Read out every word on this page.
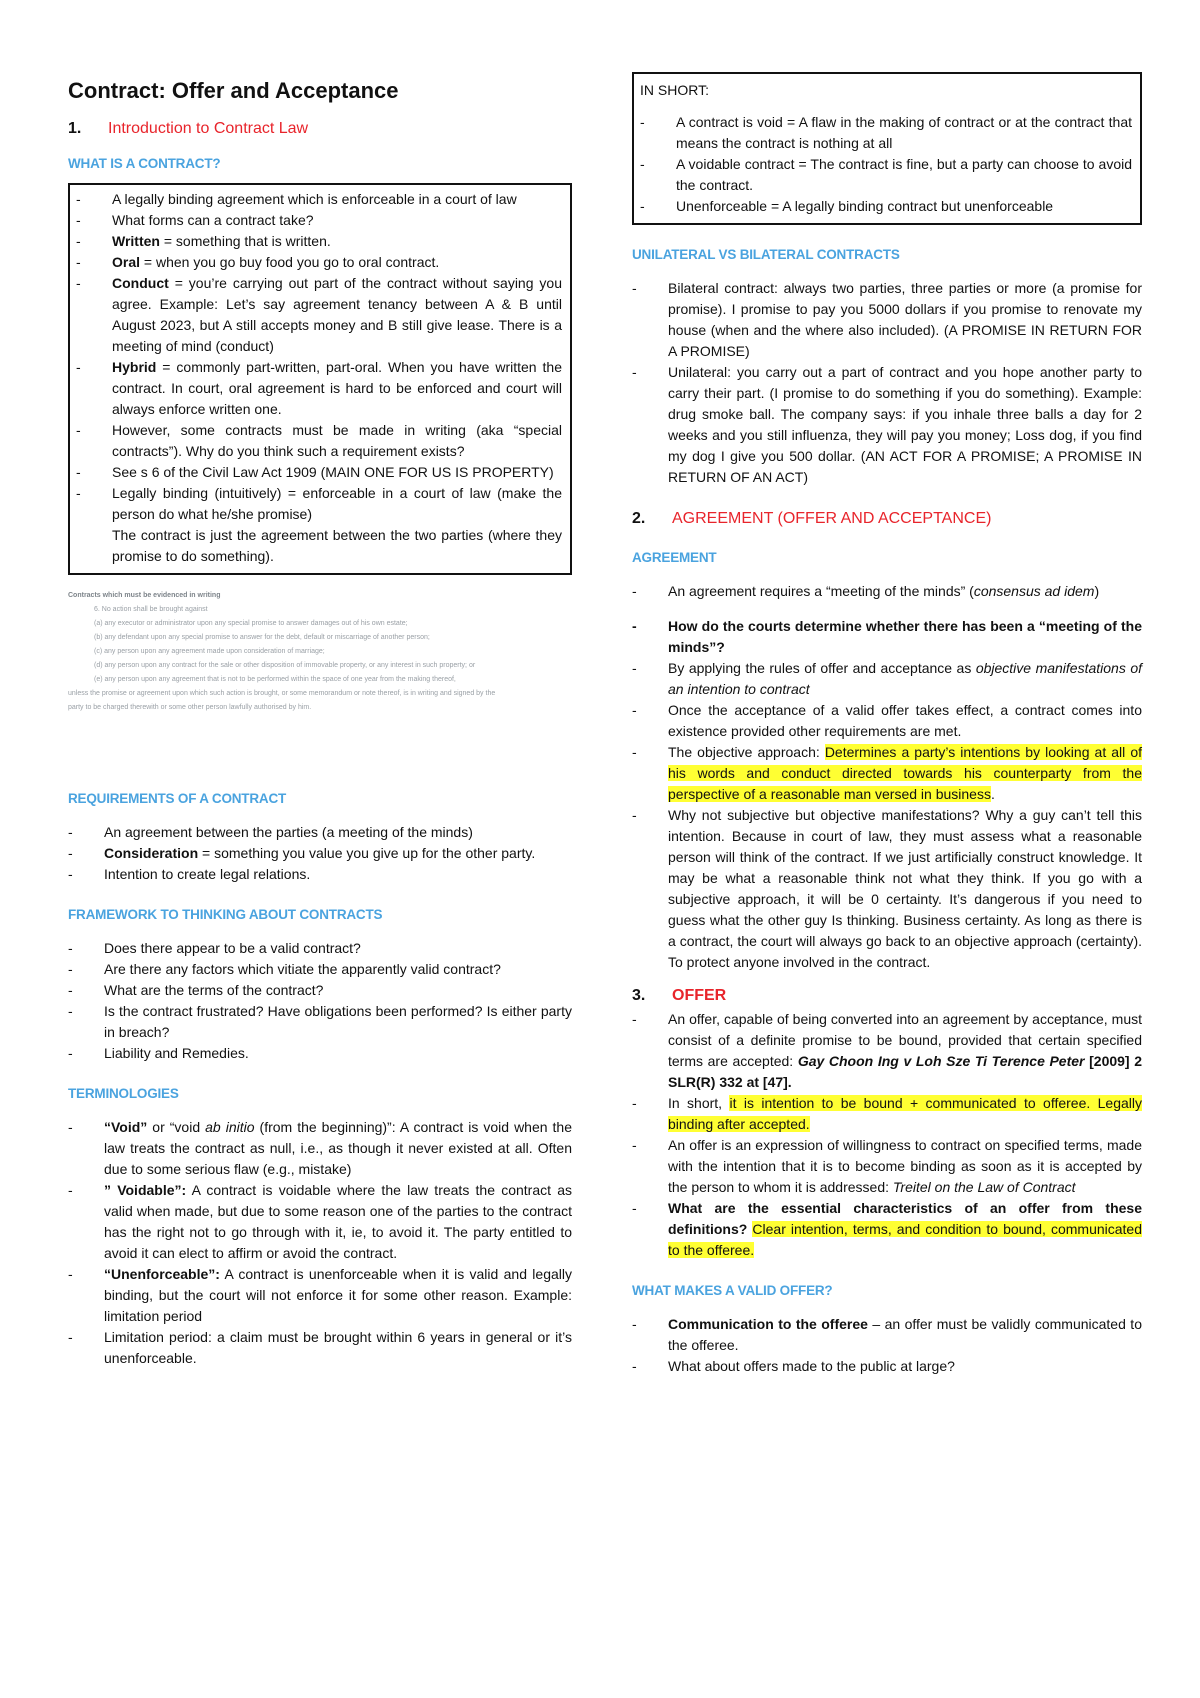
Contract: Offer and Acceptance
1.	Introduction to Contract Law
WHAT IS A CONTRACT?
- A legally binding agreement which is enforceable in a court of law
- What forms can a contract take?
- Written = something that is written.
- Oral = when you go buy food you go to oral contract.
- Conduct = you’re carrying out part of the contract without saying you agree. Example: Let’s say agreement tenancy between A & B until August 2023, but A still accepts money and B still give lease. There is a meeting of mind (conduct)
- Hybrid = commonly part-written, part-oral. When you have written the contract. In court, oral agreement is hard to be enforced and court will always enforce written one.
- However, some contracts must be made in writing (aka “special contracts”). Why do you think such a requirement exists?
- See s 6 of the Civil Law Act 1909 (MAIN ONE FOR US IS PROPERTY)
- Legally binding (intuitively) = enforceable in a court of law (make the person do what he/she promise)
The contract is just the agreement between the two parties (where they promise to do something).
Contracts which must be evidenced in writing
6. No action shall be brought against
(a) any executor or administrator upon any special promise to answer damages out of his own estate;
(b) any defendant upon any special promise to answer for the debt, default or miscarriage of another person;
(c) any person upon any agreement made upon consideration of marriage;
(d) any person upon any contract for the sale or other disposition of immovable property, or any interest in such property; or
(e) any person upon any agreement that is not to be performed within the space of one year from the making thereof,
unless the promise or agreement upon which such action is brought, or some memorandum or note thereof, is in writing and signed by the party to be charged therewith or some other person lawfully authorised by him.
REQUIREMENTS OF A CONTRACT
- An agreement between the parties (a meeting of the minds)
- Consideration = something you value you give up for the other party.
- Intention to create legal relations.
FRAMEWORK TO THINKING ABOUT CONTRACTS
- Does there appear to be a valid contract?
- Are there any factors which vitiate the apparently valid contract?
- What are the terms of the contract?
- Is the contract frustrated? Have obligations been performed? Is either party in breach?
- Liability and Remedies.
TERMINOLOGIES
- “Void” or “void ab initio (from the beginning)”: A contract is void when the law treats the contract as null, i.e., as though it never existed at all. Often due to some serious flaw (e.g., mistake)
- ” Voidable”: A contract is voidable where the law treats the contract as valid when made, but due to some reason one of the parties to the contract has the right not to go through with it, ie, to avoid it. The party entitled to avoid it can elect to affirm or avoid the contract.
- “Unenforceable”: A contract is unenforceable when it is valid and legally binding, but the court will not enforce it for some other reason. Example: limitation period
- Limitation period: a claim must be brought within 6 years in general or it’s unenforceable.
IN SHORT:
- A contract is void = A flaw in the making of contract or at the contract that means the contract is nothing at all
- A voidable contract = The contract is fine, but a party can choose to avoid the contract.
- Unenforceable = A legally binding contract but unenforceable
UNILATERAL VS BILATERAL CONTRACTS
- Bilateral contract: always two parties, three parties or more (a promise for promise). I promise to pay you 5000 dollars if you promise to renovate my house (when and the where also included). (A PROMISE IN RETURN FOR A PROMISE)
- Unilateral: you carry out a part of contract and you hope another party to carry their part. (I promise to do something if you do something). Example: drug smoke ball. The company says: if you inhale three balls a day for 2 weeks and you still influenza, they will pay you money; Loss dog, if you find my dog I give you 500 dollar. (AN ACT FOR A PROMISE; A PROMISE IN RETURN OF AN ACT)
2.	AGREEMENT (OFFER AND ACCEPTANCE)
AGREEMENT
- An agreement requires a “meeting of the minds” (consensus ad idem)
- How do the courts determine whether there has been a “meeting of the minds”?
- By applying the rules of offer and acceptance as objective manifestations of an intention to contract
- Once the acceptance of a valid offer takes effect, a contract comes into existence provided other requirements are met.
- The objective approach: Determines a party’s intentions by looking at all of his words and conduct directed towards his counterparty from the perspective of a reasonable man versed in business.
- Why not subjective but objective manifestations? Why a guy can’t tell this intention. Because in court of law, they must assess what a reasonable person will think of the contract. If we just artificially construct knowledge. It may be what a reasonable think not what they think. If you go with a subjective approach, it will be 0 certainty. It’s dangerous if you need to guess what the other guy Is thinking. Business certainty. As long as there is a contract, the court will always go back to an objective approach (certainty). To protect anyone involved in the contract.
3.	OFFER
- An offer, capable of being converted into an agreement by acceptance, must consist of a definite promise to be bound, provided that certain specified terms are accepted: Gay Choon Ing v Loh Sze Ti Terence Peter [2009] 2 SLR(R) 332 at [47].
- In short, it is intention to be bound + communicated to offeree. Legally binding after accepted.
- An offer is an expression of willingness to contract on specified terms, made with the intention that it is to become binding as soon as it is accepted by the person to whom it is addressed: Treitel on the Law of Contract
- What are the essential characteristics of an offer from these definitions? Clear intention, terms, and condition to bound, communicated to the offeree.
WHAT MAKES A VALID OFFER?
- Communication to the offeree – an offer must be validly communicated to the offeree.
- What about offers made to the public at large?
